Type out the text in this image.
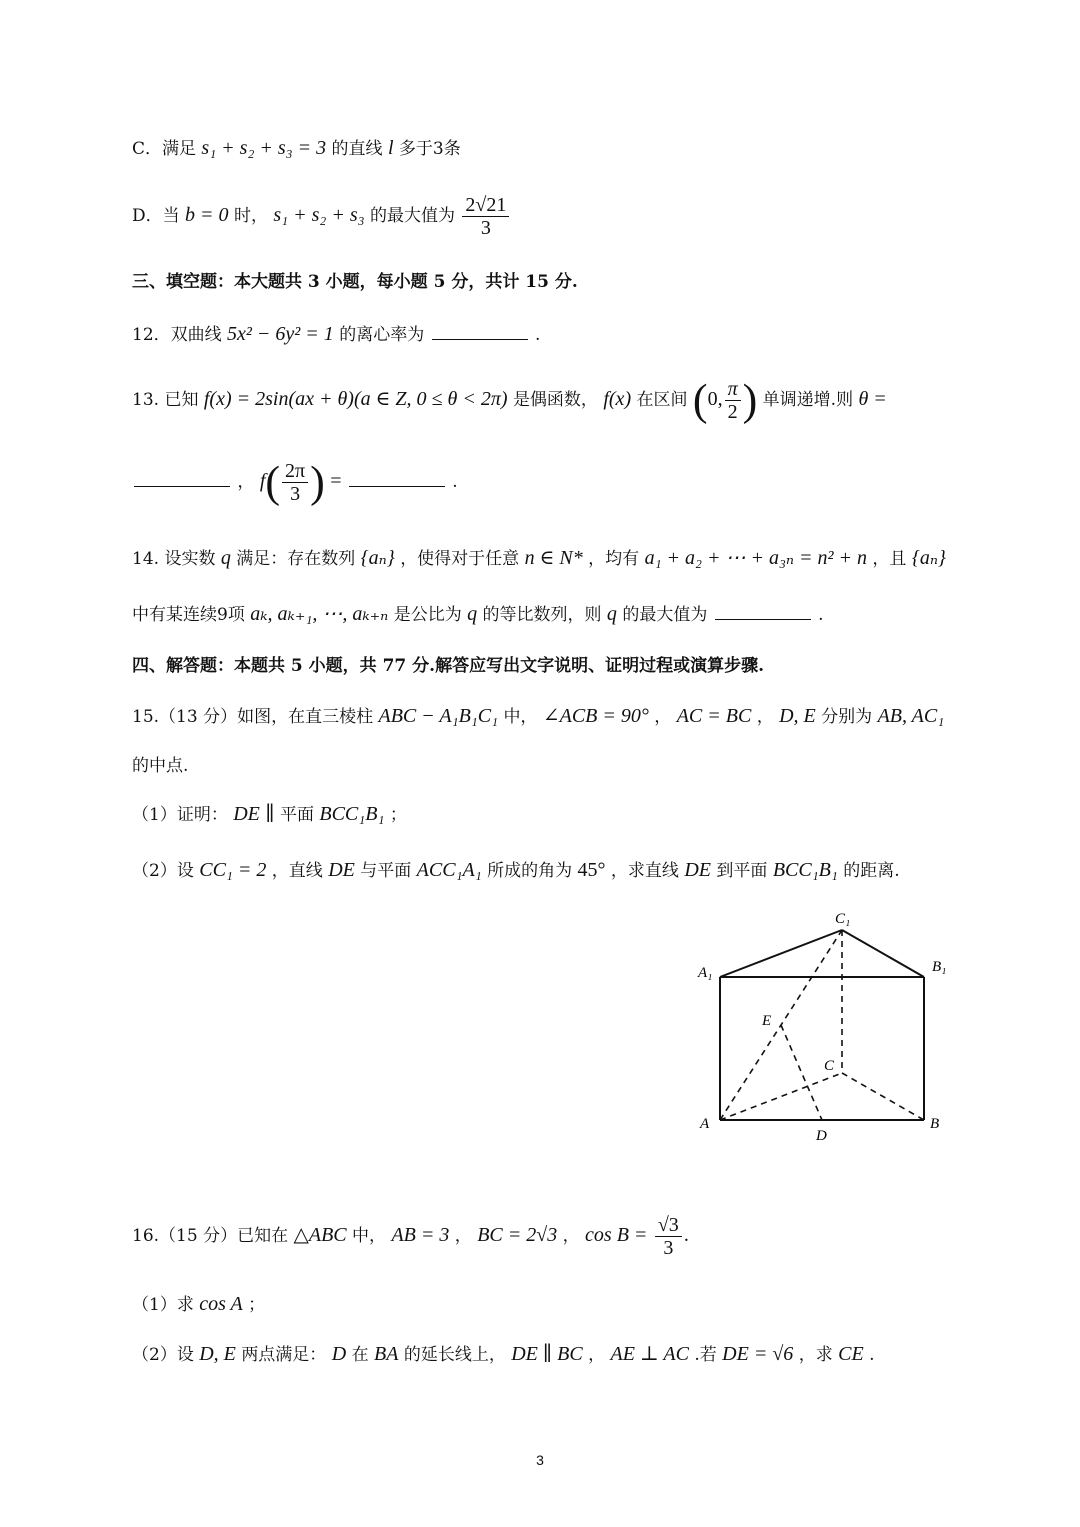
C．满足 s₁ + s₂ + s₃ = 3 的直线 l 多于3条
D．当 b = 0 时， s₁ + s₂ + s₃ 的最大值为 $\frac{2√21}{3}$
三、填空题：本大题共 3 小题，每小题 5 分，共计 15 分.
12．双曲线 5x² − 6y² = 1 的离心率为	.
13. 已知 f(x) = 2sin(ax + θ)(a ∈ Z, 0 ≤ θ < 2π) 是偶函数， f(x) 在区间 (0, $\frac{\pi}{2}$ ) 单调递增.则 θ =
， $f( \frac{2\pi}{3}$ ) =	.
14. 设实数 q 满足：存在数列 {aₙ} ，使得对于任意 n ∈ N* ，均有 a₁ + a₂ + ⋯ + a₃ₙ = n² + n ，且 {aₙ}
中有某连续9项 aₖ, aₖ₊₁, ⋯, aₖ₊ₙ 是公比为 q 的等比数列，则 q 的最大值为	.
四、解答题：本题共 5 小题，共 77 分.解答应写出文字说明、证明过程或演算步骤.
15.（13 分）如图，在直三棱柱 ABC − A₁B₁C₁ 中， ∠ACB = 90° ， AC = BC ， D, E 分别为 AB, AC₁
的中点.
（1）证明： DE ∥ 平面 BCC₁B₁ ；
（2）设 CC₁ = 2 ，直线 DE 与平面 ACC₁A₁ 所成的角为 45° ，求直线 DE 到平面 BCC₁B₁ 的距离.
C₁
A₁	B₁
E
C
A
D
B
16.（15 分）已知在 △ABC 中， AB = 3 ， BC = 2√3 ， $\cos B = \frac{√3}{3}$ .
（1）求 cos A ；
（2）设 D, E 两点满足： D 在 BA 的延长线上， DE ∥ BC ， AE ⊥ AC .若 DE = √6 ，求 CE .
3
